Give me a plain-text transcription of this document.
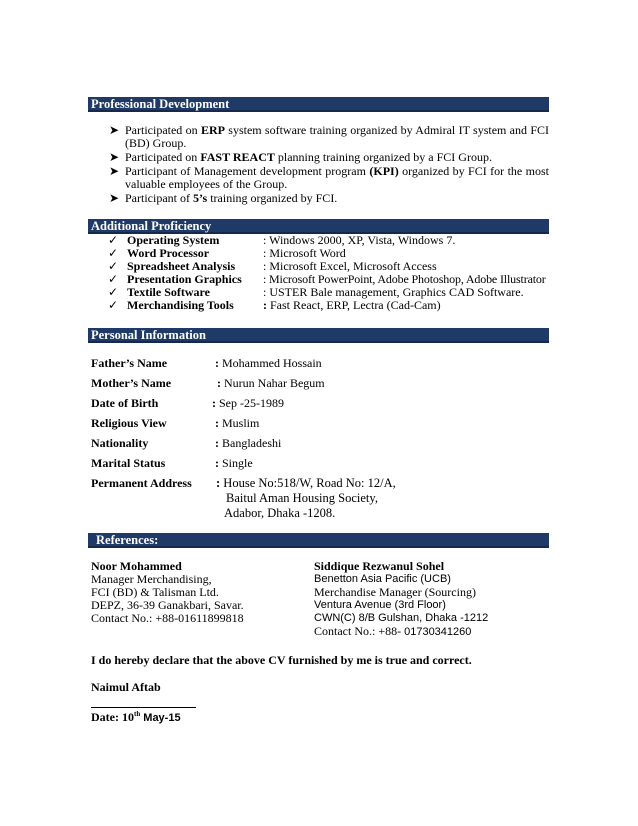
Professional Development
➤ Participated on ERP system software training organized by Admiral IT system and FCI (BD) Group.
➤ Participated on FAST REACT planning training organized by a FCI Group.
➤ Participant of Management development program (KPI) organized by FCI for the most valuable employees of the Group.
➤ Participant of 5’s training organized by FCI.
Additional Proficiency
✓ Operating System	: Windows 2000, XP, Vista, Windows 7.
✓ Word Processor	: Microsoft Word
✓ Spreadsheet Analysis : Microsoft Excel, Microsoft Access
✓ Presentation Graphics : Microsoft PowerPoint, Adobe Photoshop, Adobe Illustrator
✓ Textile Software	: USTER Bale management, Graphics CAD Software.
✓ Merchandising Tools : Fast React, ERP, Lectra (Cad-Cam)
Personal Information
Father’s Name	: Mohammed Hossain
Mother’s Name	: Nurun Nahar Begum
Date of Birth	: Sep -25-1989
Religious View	: Muslim
Nationality	: Bangladeshi
Marital Status	: Single
Permanent Address : House No:518/W, Road No: 12/A,
Baitul Aman Housing Society,
Adabor, Dhaka -1208.
References:
Noor Mohammed
Manager Merchandising,
FCI (BD) & Talisman Ltd.
DEPZ, 36-39 Ganakbari, Savar.
Contact No.: +88-01611899818
Siddique Rezwanul Sohel
Benetton Asia Pacific (UCB)
Merchandise Manager (Sourcing)
Ventura Avenue (3rd Floor)
CWN(C) 8/B Gulshan, Dhaka -1212
Contact No.: +88- 01730341260
I do hereby declare that the above CV furnished by me is true and correct.
Naimul Aftab
Date: 10th May-15
